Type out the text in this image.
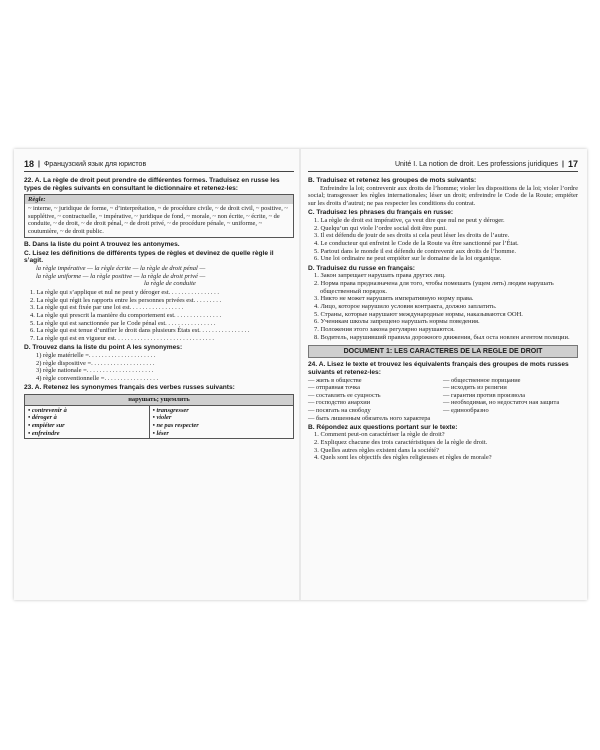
18 | Французский язык для юристов
22. A. La règle de droit peut prendre de différentes formes. Traduisez en russe les types de règles suivants en consultant le dictionnaire et retenez-les:
Règle:
~ interne, ~ juridique de forme, ~ d’interprétation, ~ de procédure civile, ~ de droit civil, ~ positive, ~ supplétive, ~ contractuelle, ~ impérative, ~ juridique de fond, ~ morale, ~ non écrite, ~ écrite, ~ de conduite, ~ de droit, ~ de droit pénal, ~ de droit privé, ~ de procédure pénale, ~ uniforme, ~ coutumière, ~ de droit public.
B. Dans la liste du point A trouvez les antonymes.
C. Lisez les définitions de différents types de règles et devinez de quelle règle il s’agit.
la règle impérative — la règle écrite — la règle de droit pénal —
la règle uniforme — la règle positive — la règle de droit privé —
la règle de conduite
1. La règle qui s’applique et nul ne peut y déroger est. . . . . . . . . . . . . . . .
2. La règle qui régit les rapports entre les personnes privées est. . . . . . . . .
3. La règle qui est fixée par une loi est. . . . . . . . . . . . . . . . .
4. La règle qui prescrit la manière du comportement est. . . . . . . . . . . . . . .
5. La règle qui est sanctionnée par le Code pénal est. . . . . . . . . . . . . . . .
6. La règle qui est tenue d’unifier le droit dans plusieurs États est. . . . . . . . . . . . . . . .
7. La règle qui est en vigueur est. . . . . . . . . . . . . . . . . . . . . . . . . . . . . . .
D. Trouvez dans la liste du point A les synonymes:
1) règle matérielle =. . . . . . . . . . . . . . . . . . . . .
2) règle dispositive =. . . . . . . . . . . . . . . . . . . .
3) règle nationale =. . . . . . . . . . . . . . . . . . . . .
4) règle conventionnelle =. . . . . . . . . . . . . . . . .
23. A. Retenez les synonymes français des verbes russes suivants:
нарушать; ущемлять

• contrevenir à
• déroger à
• empiéter sur
• enfreindre

• transgresser
• violer
• ne pas respecter
• léser
Unité I. La notion de droit. Les professions juridiques | 17
B. Traduisez et retenez les groupes de mots suivants:
Enfreindre la loi; contrevenir aux droits de l’homme; violer les dispositions de la loi; violer l’ordre social; transgresser les règles internationales; léser un droit; enfreindre le Code de la Route; empiéter sur les droits d’autrui; ne pas respecter les conditions du contrat.
C. Traduisez les phrases du français en russe:
1. La règle de droit est impérative, ça veut dire que nul ne peut y déroger.
2. Quelqu’un qui viole l’ordre social doit être puni.
3. Il est défendu de jouir de ses droits si cela peut léser les droits de l’autre.
4. Le conducteur qui enfreint le Code de la Route va être sanctionné par l’État.
5. Partout dans le monde il est défendu de contrevenir aux droits de l’homme.
6. Une loi ordinaire ne peut empiéter sur le domaine de la loi organique.
D. Traduisez du russe en français:
1. Закон запрещает нарушать права других лиц.
2. Норма права предназначена для того, чтобы помешать (ущем лять) людям нарушать общественный порядок.
3. Никто не может нарушить императивную норму права.
4. Лицо, которое нарушило условия контракта, должно заплатить.
5. Страны, которые нарушают международные нормы, наказываются ООН.
6. Ученикам школы запрещено нарушать нормы поведения.
7. Положения этого закона регулярно нарушаются.
8. Водитель, нарушивший правила дорожного движения, был оста новлен агентом полиции.
DOCUMENT 1: LES CARACTERES DE LA REGLE DE DROIT
24. A. Lisez le texte et trouvez les équivalents français des groupes de mots russes suivants et retenez-les:
— жить в обществе
— отправная точка
— составлять ее сущность
— господство анархии
— посягать на свободу
— быть лишенным обязатель ного характера
— общественное порицание
— исходить из религии
— гарантия против произвола
— необходимая, но недостаточ ная защита
— единообразно
B. Répondez aux questions portant sur le texte:
1. Comment peut-on caractériser la règle de droit?
2. Expliquez chacune des trois caractéristiques de la règle de droit.
3. Quelles autres règles existent dans la société?
4. Quels sont les objectifs des règles religieuses et règles de morale?
